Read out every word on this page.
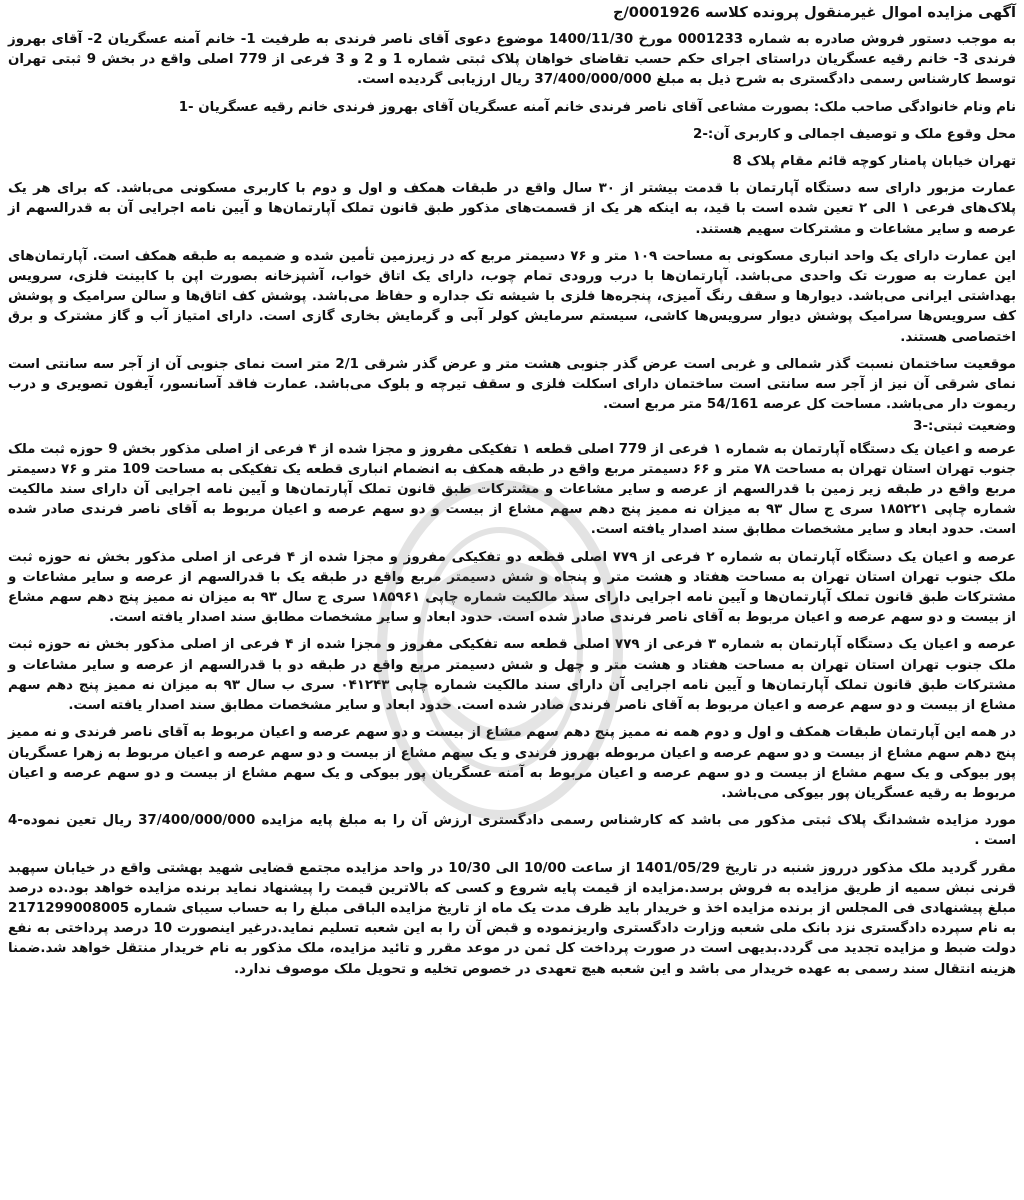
آگهی مزایده اموال غیرمنقول پرونده کلاسه 0001926/ج

به موجب دستور فروش صادره به شماره 0001233 مورخ 1400/11/30 موضوع دعوی آقای ناصر فرندی به طرفیت 1- خانم آمنه عسگریان 2- آقای بهروز فرندی 3- خانم رقیه عسگریان دراستای اجرای حکم حسب تقاضای خواهان پلاک ثبتی شماره 1 و 2 و 3 فرعی از 779 اصلی واقع در بخش 9 ثبتی تهران توسط کارشناس رسمی دادگستری به شرح ذیل به مبلغ 37/400/000/000 ریال ارزیابی گردیده است.

نام ونام خانوادگی صاحب ملک: بصورت مشاعی آقای ناصر فرندی خانم آمنه عسگریان آقای بهروز فرندی خانم رقیه عسگریان -1

محل وقوع ملک و توصیف اجمالی و کاربری آن:-2

تهران خیابان پامنار کوچه قائم مقام پلاک 8

عمارت مزبور دارای سه دستگاه آپارتمان با قدمت بیشتر از ۳۰ سال واقع در طبقات همکف و اول و دوم با کاربری مسکونی می‌باشد. که برای هر یک پلاک‌های فرعی ۱ الی ۲ تعین شده است با قید، به اینکه هر یک از قسمت‌های مذکور طبق قانون تملک آپارتمان‌ها و آیین نامه اجرایی آن به قدرالسهم از عرصه و سایر مشاعات و مشترکات سهیم هستند.

این عمارت دارای یک واحد انباری مسکونی به مساحت ۱۰۹ متر و ۷۶ دسیمتر مربع که در زیرزمین تأمین شده و ضمیمه به طبقه همکف است. آپارتمان‌های این عمارت به صورت تک واحدی می‌باشد. آپارتمان‌ها با درب ورودی تمام چوب، دارای یک اتاق خواب، آشپزخانه بصورت اپن با کابینت فلزی، سرویس بهداشتی ایرانی می‌باشد. دیوارها و سقف رنگ آمیزی، پنجره‌ها فلزی با شیشه تک جداره و حفاظ می‌باشد. پوشش کف اتاق‌ها و سالن سرامیک و پوشش کف سرویس‌ها سرامیک پوشش دیوار سرویس‌ها کاشی، سیستم سرمایش کولر آبی و گرمایش بخاری گازی است. دارای امتیاز آب و گاز مشترک و برق اختصاصی هستند.

موقعیت ساختمان نسبت گذر شمالی و غربی است عرض گذر جنوبی هشت متر و عرض گذر شرقی 2/1 متر است نمای جنوبی آن از آجر سه سانتی است نمای شرقی آن نیز از آجر سه سانتی است ساختمان دارای اسکلت فلزی و سقف تیرچه و بلوک می‌باشد. عمارت فاقد آسانسور، آیفون تصویری و درب ریموت دار می‌باشد. مساحت کل عرصه 54/161 متر مربع است.

وضعیت ثبتی:-3

عرصه و اعیان یک دستگاه آپارتمان به شماره ۱ فرعی از 779 اصلی قطعه ۱ تفکیکی مفروز و مجزا شده از ۴ فرعی از اصلی مذکور بخش 9 حوزه ثبت ملک جنوب تهران استان تهران به مساحت ۷۸ متر و ۶۶ دسیمتر مربع واقع در طبقه همکف به انضمام انباری قطعه یک تفکیکی به مساحت 109 متر و ۷۶ دسیمتر مربع واقع در طبقه زیر زمین با قدرالسهم از عرصه و سایر مشاعات و مشترکات طبق قانون تملک آپارتمان‌ها و آیین نامه اجرایی آن دارای سند مالکیت شماره چاپی ۱۸۵۲۲۱ سری ج سال ۹۳ به میزان نه ممیز پنج دهم سهم مشاع از بیست و دو سهم عرصه و اعیان مربوط به آقای ناصر فرندی صادر شده است. حدود ابعاد و سایر مشخصات مطابق سند اصدار یافته است.

عرصه و اعیان یک دستگاه آپارتمان به شماره ۲ فرعی از ۷۷۹ اصلی قطعه دو تفکیکی مفروز و مجزا شده از ۴ فرعی از اصلی مذکور بخش نه حوزه ثبت ملک جنوب تهران استان تهران به مساحت هفتاد و هشت متر و پنجاه و شش دسیمتر مربع واقع در طبقه یک با قدرالسهم از عرصه و سایر مشاعات و مشترکات طبق قانون تملک آپارتمان‌ها و آیین نامه اجرایی دارای سند مالکیت شماره چاپی ۱۸۵۹۶۱ سری ج سال ۹۳ به میزان نه ممیز پنج دهم سهم مشاع از بیست و دو سهم عرصه و اعیان مربوط به آقای ناصر فرندی صادر شده است. حدود ابعاد و سایر مشخصات مطابق سند اصدار یافته است.

عرصه و اعیان یک دستگاه آپارتمان به شماره ۳ فرعی از ۷۷۹ اصلی قطعه سه تفکیکی مفروز و مجزا شده از ۴ فرعی از اصلی مذکور بخش نه حوزه ثبت ملک جنوب تهران استان تهران به مساحت هفتاد و هشت متر و چهل و شش دسیمتر مربع واقع در طبقه دو با قدرالسهم از عرصه و سایر مشاعات و مشترکات طبق قانون تملک آپارتمان‌ها و آیین نامه اجرایی آن دارای سند مالکیت شماره چاپی ۰۴۱۲۴۳ سری ب سال ۹۳ به میزان نه ممیز پنج دهم سهم مشاع از بیست و دو سهم عرصه و اعیان مربوط به آقای ناصر فرندی صادر شده است. حدود ابعاد و سایر مشخصات مطابق سند اصدار یافته است.

در همه این آپارتمان طبقات همکف و اول و دوم همه نه ممیز پنج دهم سهم مشاع از بیست و دو سهم عرصه و اعیان مربوط به آقای ناصر فرندی و نه ممیز پنج دهم سهم مشاع از بیست و دو سهم عرصه و اعیان مربوطه بهروز فرندی و یک سهم مشاع از بیست و دو سهم عرصه و اعیان مربوط به زهرا عسگریان پور بیوکی و یک سهم مشاع از بیست و دو سهم عرصه و اعیان مربوط به آمنه عسگریان پور بیوکی و یک سهم مشاع از بیست و دو سهم عرصه و اعیان مربوط به رقیه عسگریان پور بیوکی می‌باشد.

مورد مزایده ششدانگ پلاک ثبتی مذکور می باشد که کارشناس رسمی دادگستری ارزش آن را به مبلغ پایه مزایده 37/400/000/000 ریال تعین نموده-4 است .

مقرر گردید ملک مذکور درروز شنبه در تاریخ 1401/05/29 از ساعت 10/00 الی 10/30 در واحد مزایده مجتمع قضایی شهید بهشتی واقع در خیابان سپهبد قرنی نبش سمیه از طریق مزایده به فروش برسد.مزایده از قیمت پایه شروع و کسی که بالاترین قیمت را پیشنهاد نماید برنده مزایده خواهد بود.ده درصد مبلغ پیشنهادی فی المجلس از برنده مزایده اخذ و خریدار باید ظرف مدت یک ماه از تاریخ مزایده الباقی مبلغ را به حساب سیبای شماره 2171299008005 به نام سپرده دادگستری نزد بانک ملی شعبه وزارت دادگستری واریزنموده و قبض آن را به این شعبه تسلیم نماید.درغیر اینصورت 10 درصد پرداختی به نفع دولت ضبط و مزایده تجدید می گردد.بدیهی است در صورت پرداخت کل ثمن در موعد مقرر و تائید مزایده، ملک مذکور به نام خریدار منتقل خواهد شد.ضمنا هزینه انتقال سند رسمی به عهده خریدار می باشد و این شعبه هیچ تعهدی در خصوص تخلیه و تحویل ملک موصوف ندارد.
